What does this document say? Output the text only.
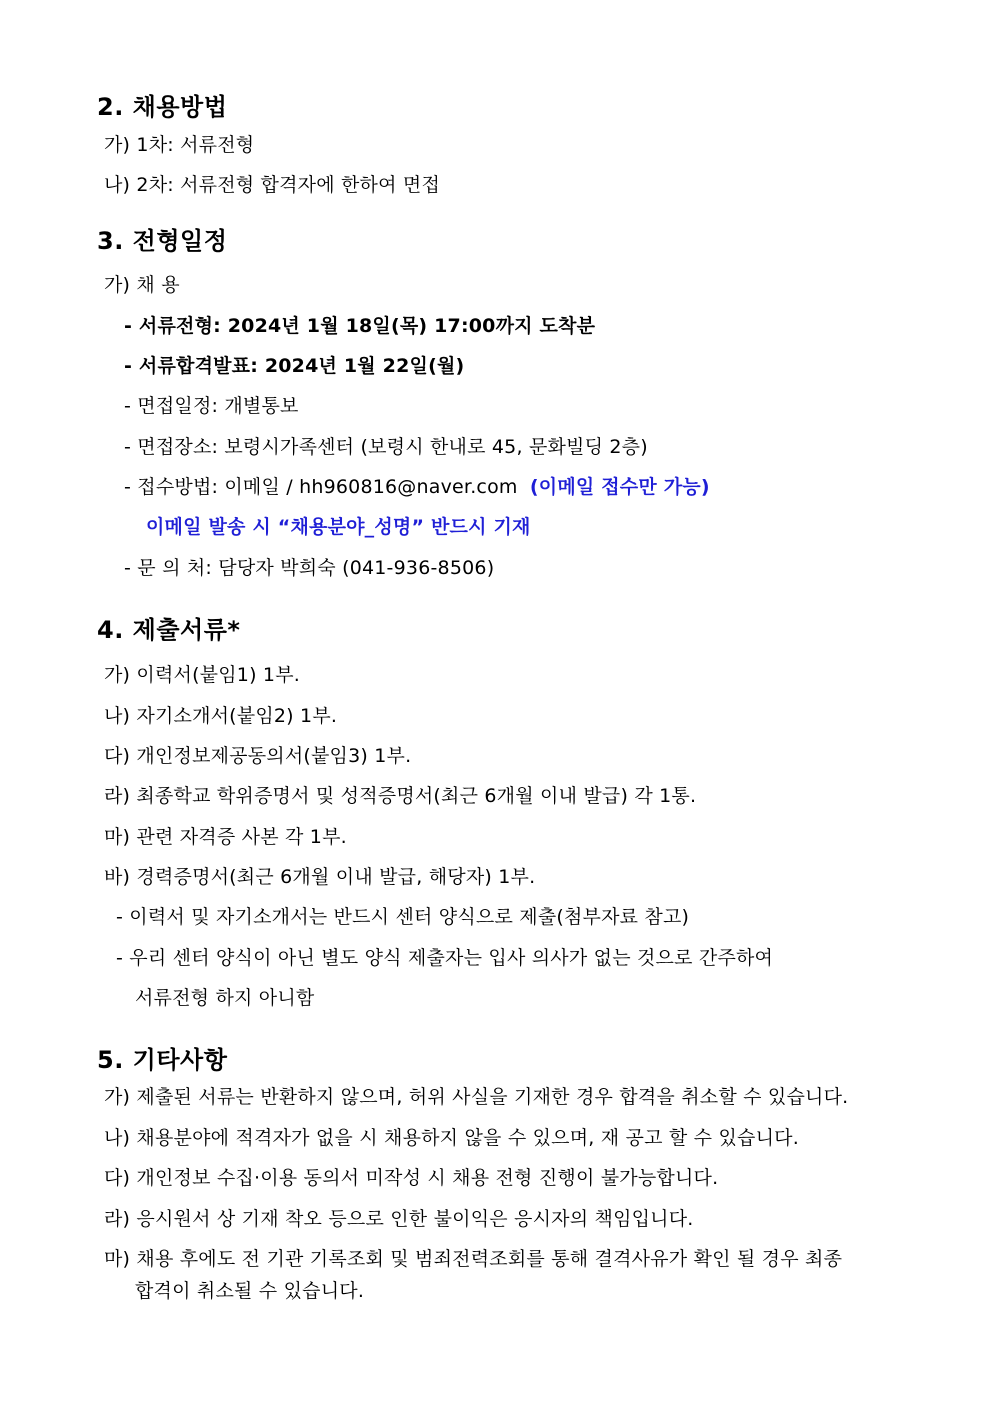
2. 채용방법
가) 1차: 서류전형
나) 2차: 서류전형 합격자에 한하여 면접
3. 전형일정
가) 채 용
- 서류전형: 2024년 1월 18일(목) 17:00까지 도착분
- 서류합격발표: 2024년 1월 22일(월)
- 면접일정: 개별통보
- 면접장소: 보령시가족센터 (보령시 한내로 45, 문화빌딩 2층)
- 접수방법: 이메일 / hh960816@naver.com (이메일 접수만 가능)
이메일 발송 시 “채용분야_성명” 반드시 기재
- 문 의 처: 담당자 박희숙 (041-936-8506)
4. 제출서류*
가) 이력서(붙임1) 1부.
나) 자기소개서(붙임2) 1부.
다) 개인정보제공동의서(붙임3) 1부.
라) 최종학교 학위증명서 및 성적증명서(최근 6개월 이내 발급) 각 1통.
마) 관련 자격증 사본 각 1부.
바) 경력증명서(최근 6개월 이내 발급, 해당자) 1부.
- 이력서 및 자기소개서는 반드시 센터 양식으로 제출(첨부자료 참고)
- 우리 센터 양식이 아닌 별도 양식 제출자는 입사 의사가 없는 것으로 간주하여
서류전형 하지 아니함
5. 기타사항
가) 제출된 서류는 반환하지 않으며, 허위 사실을 기재한 경우 합격을 취소할 수 있습니다.
나) 채용분야에 적격자가 없을 시 채용하지 않을 수 있으며, 재 공고 할 수 있습니다.
다) 개인정보 수집·이용 동의서 미작성 시 채용 전형 진행이 불가능합니다.
라) 응시원서 상 기재 착오 등으로 인한 불이익은 응시자의 책임입니다.
마) 채용 후에도 전 기관 기록조회 및 범죄전력조회를 통해 결격사유가 확인 될 경우 최종
합격이 취소될 수 있습니다.
